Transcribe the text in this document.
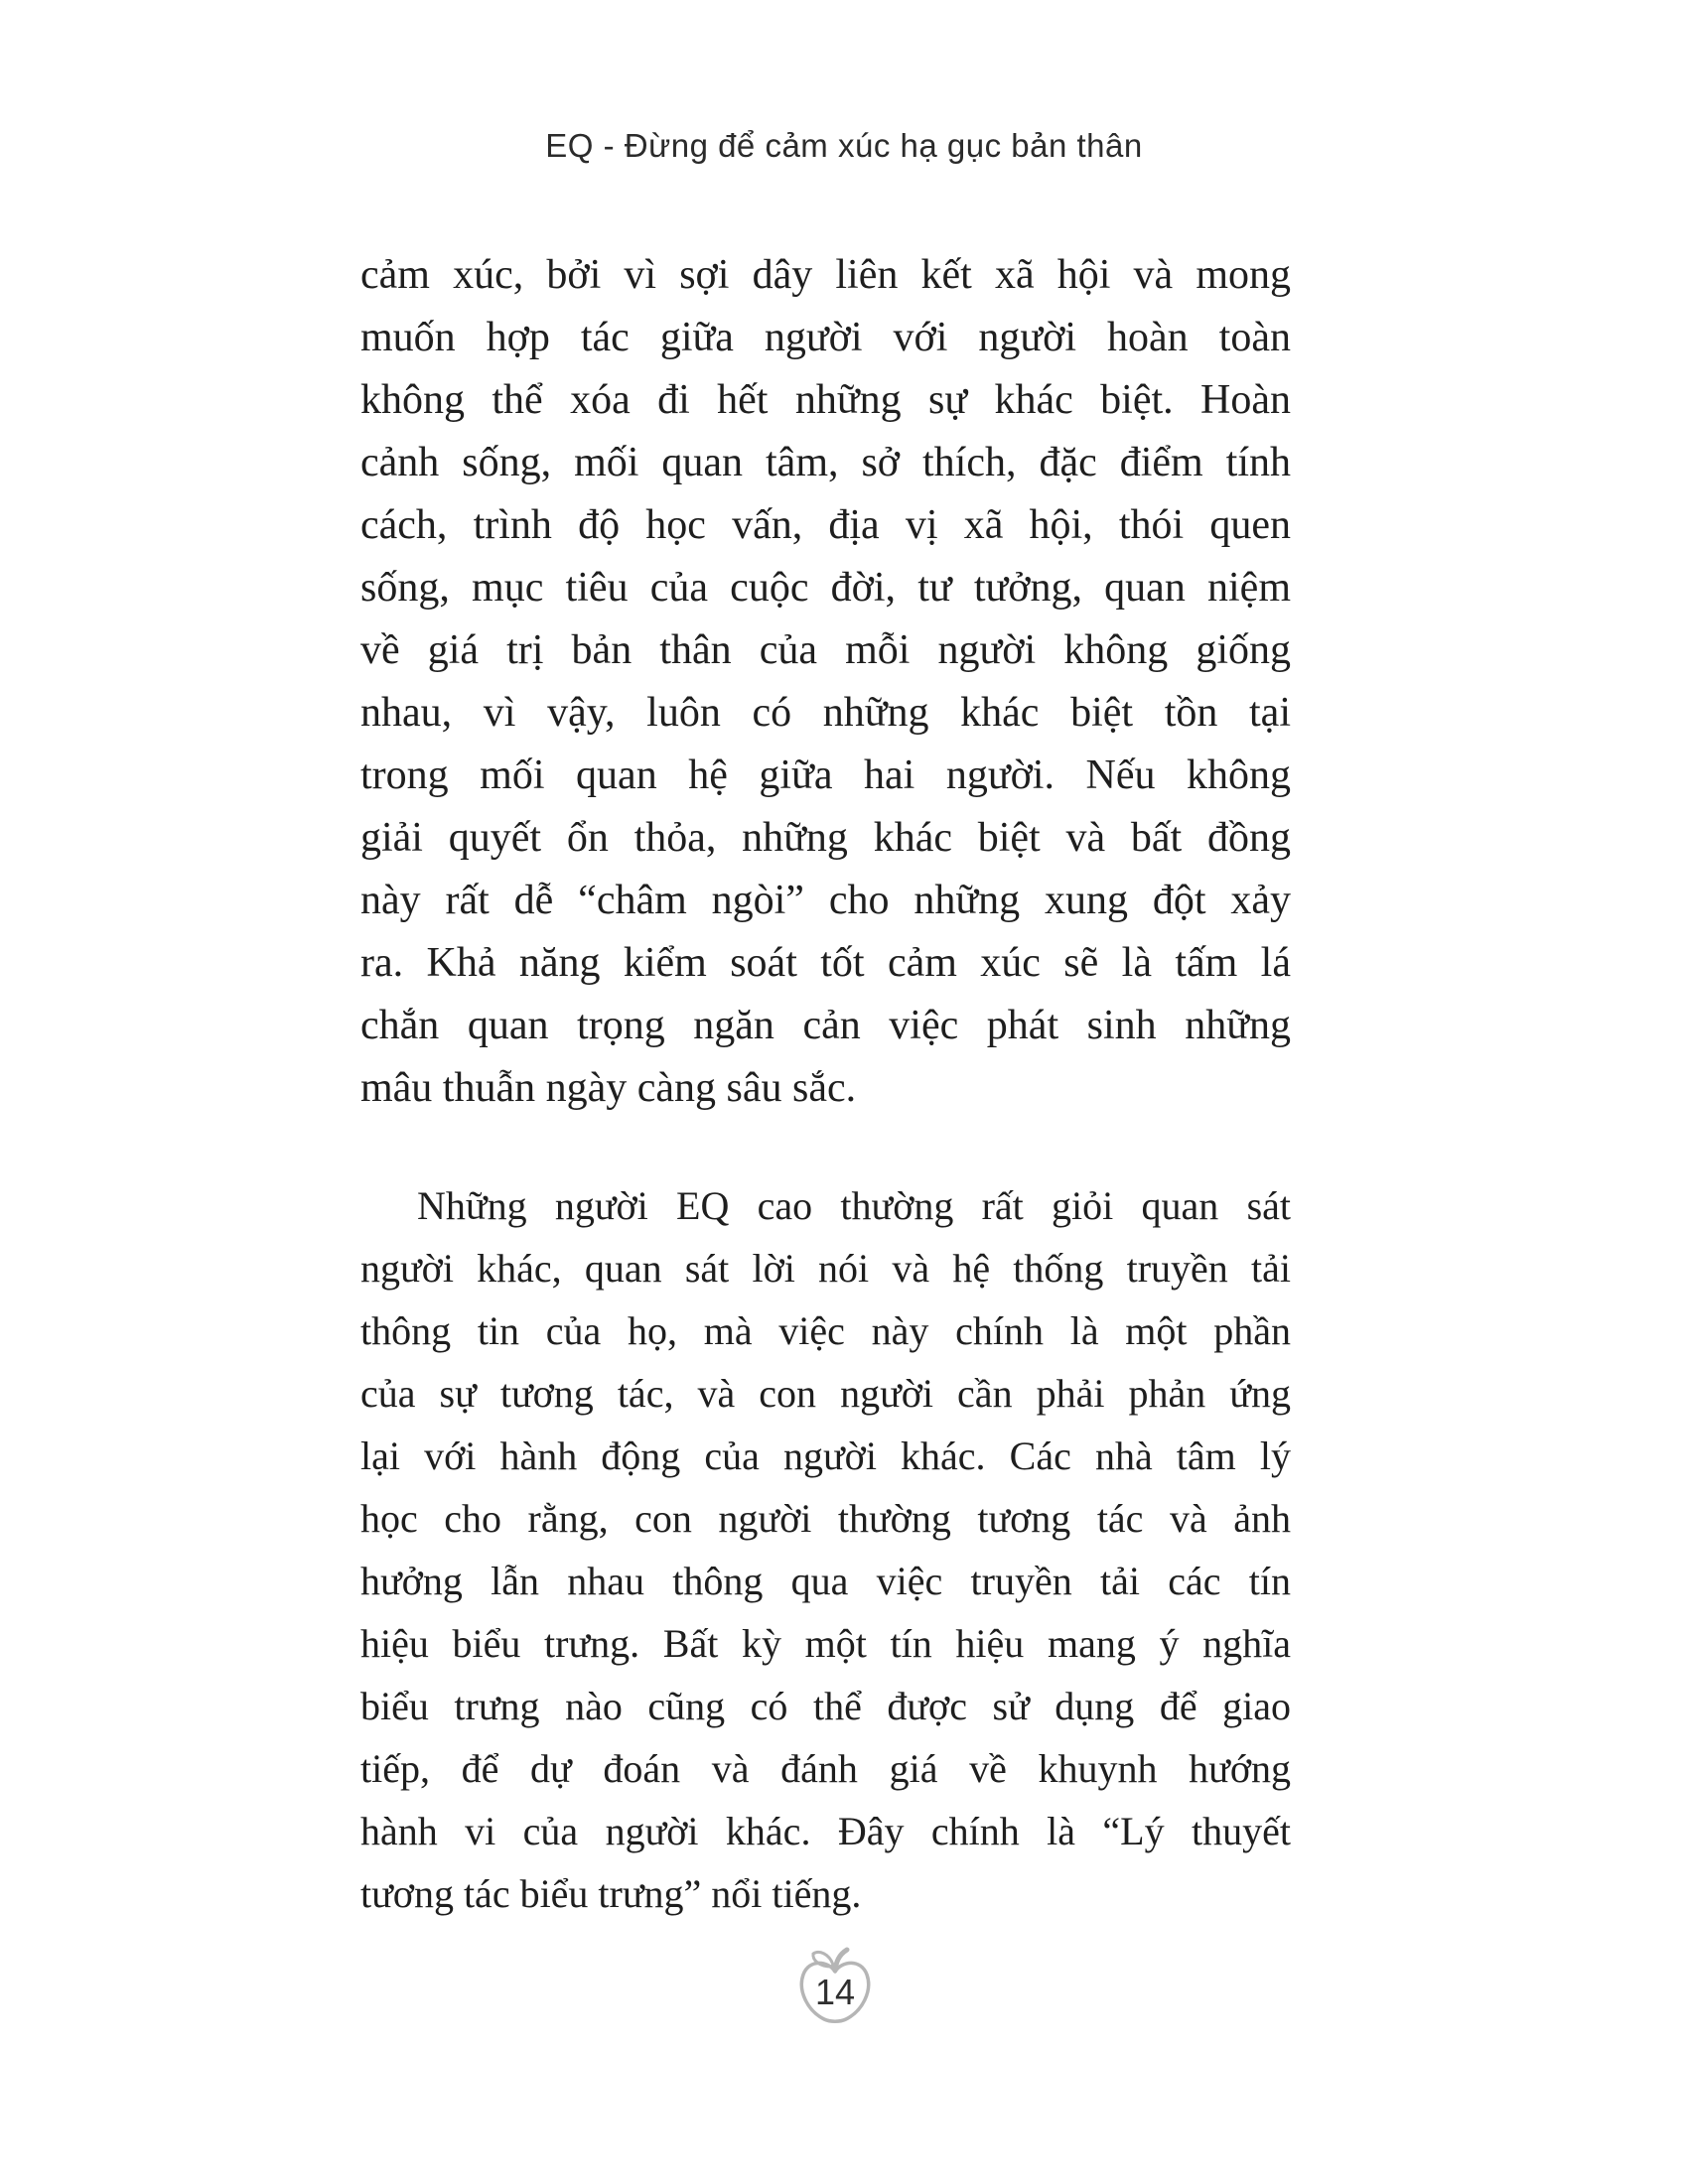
EQ - Đừng để cảm xúc hạ gục bản thân
cảm xúc, bởi vì sợi dây liên kết xã hội và mong
muốn hợp tác giữa người với người hoàn toàn
không thể xóa đi hết những sự khác biệt. Hoàn
cảnh sống, mối quan tâm, sở thích, đặc điểm tính
cách, trình độ học vấn, địa vị xã hội, thói quen
sống, mục tiêu của cuộc đời, tư tưởng, quan niệm
về giá trị bản thân của mỗi người không giống
nhau, vì vậy, luôn có những khác biệt tồn tại
trong mối quan hệ giữa hai người. Nếu không
giải quyết ổn thỏa, những khác biệt và bất đồng
này rất dễ “châm ngòi” cho những xung đột xảy
ra. Khả năng kiểm soát tốt cảm xúc sẽ là tấm lá
chắn quan trọng ngăn cản việc phát sinh những
mâu thuẫn ngày càng sâu sắc.
Những người EQ cao thường rất giỏi quan sát
người khác, quan sát lời nói và hệ thống truyền tải
thông tin của họ, mà việc này chính là một phần
của sự tương tác, và con người cần phải phản ứng
lại với hành động của người khác. Các nhà tâm lý
học cho rằng, con người thường tương tác và ảnh
hưởng lẫn nhau thông qua việc truyền tải các tín
hiệu biểu trưng. Bất kỳ một tín hiệu mang ý nghĩa
biểu trưng nào cũng có thể được sử dụng để giao
tiếp, để dự đoán và đánh giá về khuynh hướng
hành vi của người khác. Đây chính là “Lý thuyết
tương tác biểu trưng” nổi tiếng.
14
